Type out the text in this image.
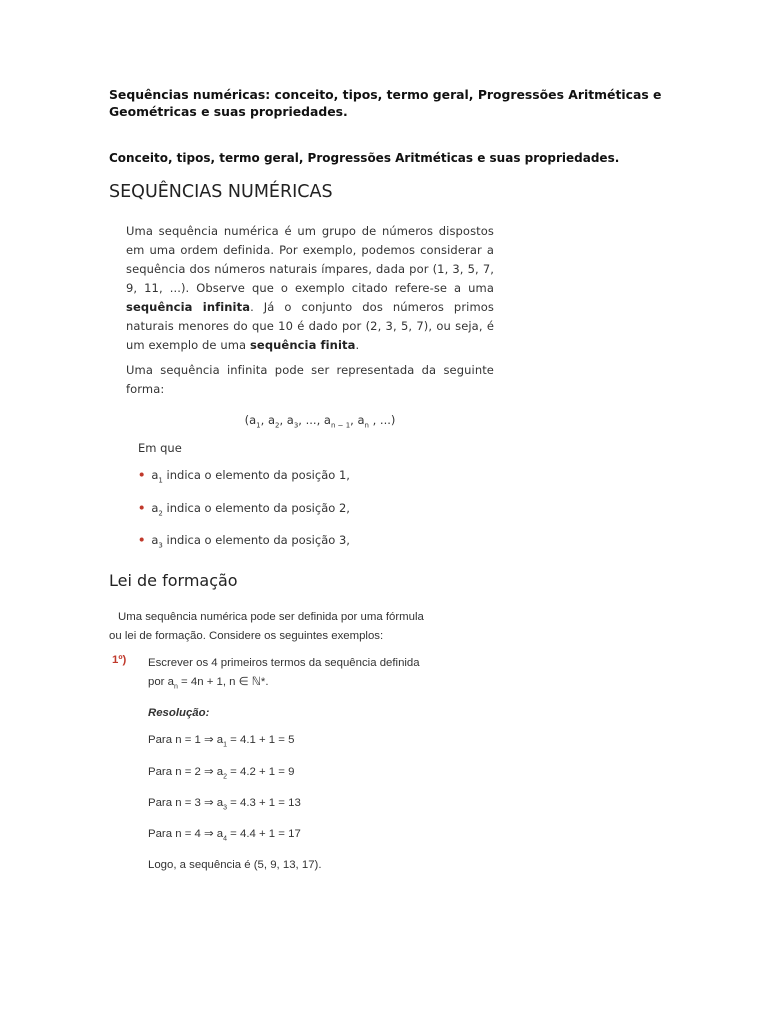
Sequências numéricas: conceito, tipos, termo geral, Progressões Aritméticas e Geométricas e suas propriedades.
Conceito, tipos, termo geral, Progressões Aritméticas e suas propriedades.
SEQUÊNCIAS NUMÉRICAS

Uma sequência numérica é um grupo de números dispostos em uma ordem definida. Por exemplo, podemos considerar a sequência dos números naturais ímpares, dada por (1, 3, 5, 7, 9, 11, ...). Observe que o exemplo citado refere-se a uma sequência infinita. Já o conjunto dos números primos naturais menores do que 10 é dado por (2, 3, 5, 7), ou seja, é um exemplo de uma sequência finita.

Uma sequência infinita pode ser representada da seguinte forma:

($a_1$, $a_2$, $a_3$, ..., $a_{n - 1}$, $a_n$ , ...)
Em que
• $a_1$ indica o elemento da posição 1,
• $a_2$ indica o elemento da posição 2,
• $a_3$ indica o elemento da posição 3,
Lei de formação

Uma sequência numérica pode ser definida por uma fórmula
ou lei de formação. Considere os seguintes exemplos:

1º)	Escrever os 4 primeiros termos da sequência definida

por $a_n = 4n + 1$, n ∈ ℕ*.

Resolução:
Para n = 1 ⇒ $a_1 = 4.1 + 1 = 5$
Para n = 2 ⇒ $a_2 = 4.2 + 1 = 9$
Para n = 3 ⇒ $a_3 = 4.3 + 1 = 13$
Para n = 4 ⇒ $a_4 = 4.4 + 1 = 17$
Logo, a sequência é (5, 9, 13, 17).
